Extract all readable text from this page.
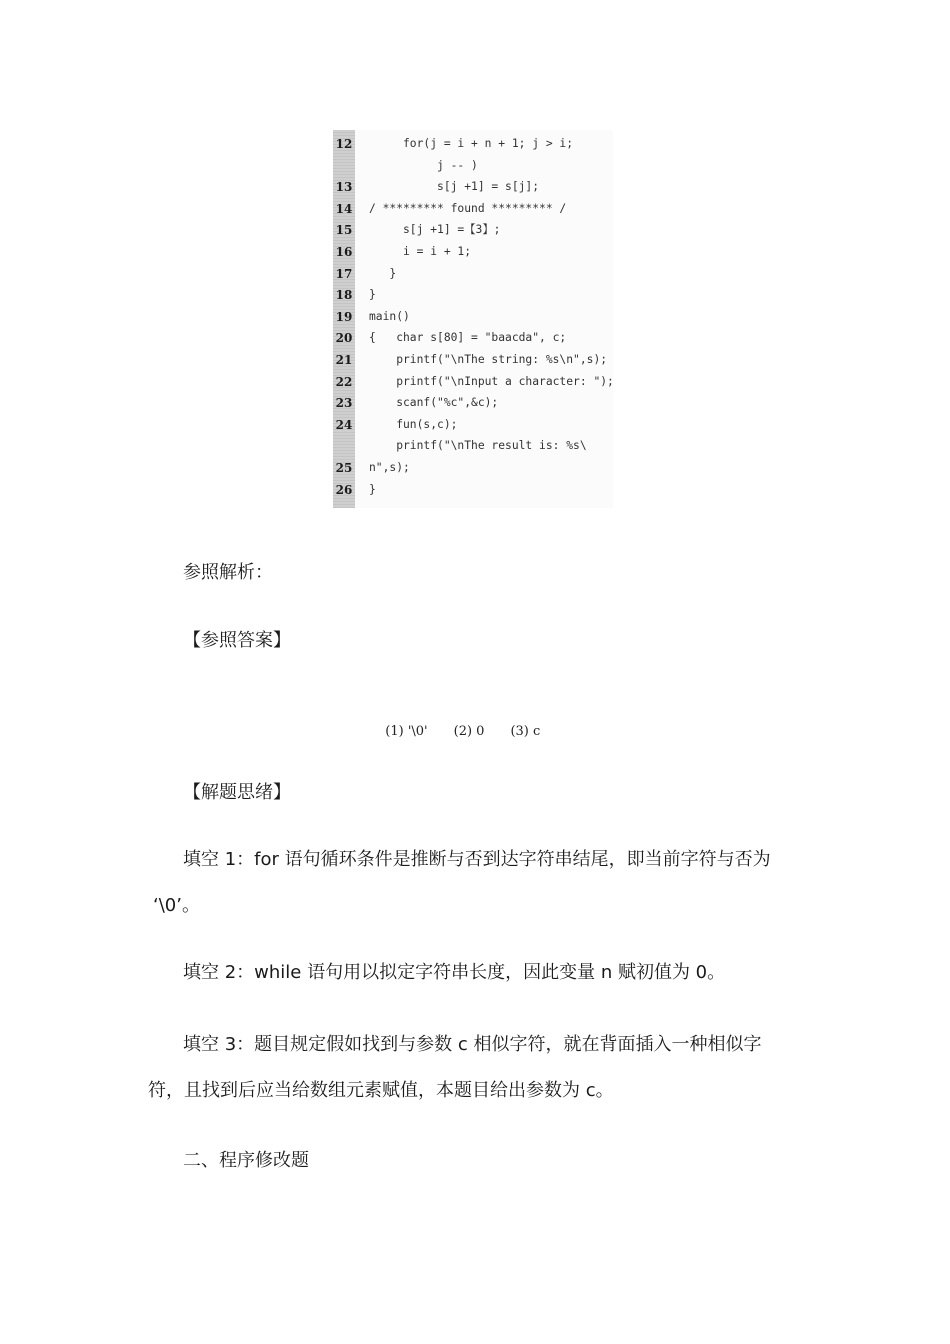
12 for(j = i + n + 1; j > i;
j -- )
13 s[j +1] = s[j];
14 / ********* found ********* /
15 s[j +1] =【3】;
16 i = i + 1;
17 }
18 }
19 main()
20 {   char s[80] = "baacda", c;
21 printf("\nThe string: %s\n",s);
22 printf("\nInput a character: ");
23 scanf("%c",&c);
24 fun(s,c);
printf("\nThe result is: %s\
25 n",s);
26 }
参照解析：
【参照答案】

(1) '\0' (2) 0 (3) c

【解题思绪】
填空 1：for 语句循环条件是推断与否到达字符串结尾，即当前字符与否为
‘\0’。
填空 2：while 语句用以拟定字符串长度，因此变量 n 赋初值为 0。
填空 3：题目规定假如找到与参数 c 相似字符，就在背面插入一种相似字
符，且找到后应当给数组元素赋值，本题目给出参数为 c。
二、程序修改题
